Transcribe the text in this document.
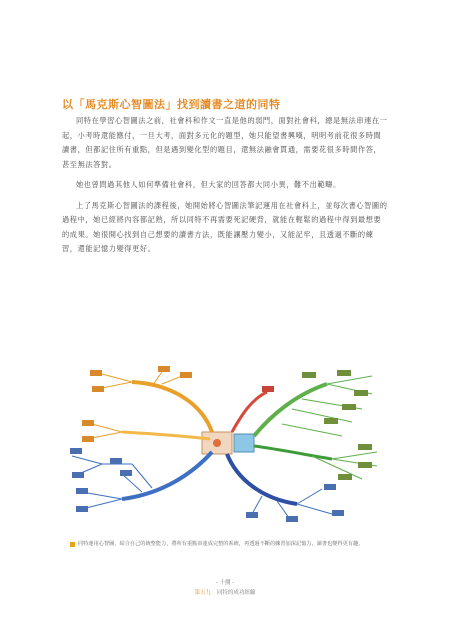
以「馬克斯心智圖法」找到讀書之道的同特

同特在學習心智圖法之前，社會科和作文一直是他的弱門，面對社會科，總是無法串連在一起，小考時還能應付，一旦大考，面對多元化的題型，她只能望書興嘆，明明考前花很多時間讀書，但都記住所有重點，但是遇到變化型的題目，還無法融會貫通，需要花很多時間作答，甚至無法答對。

她也曾問過其他人如何準備社會科，但大家的回答都大同小異，難不出範疇。

上了馬克斯心智圖法的課程後，她開始將心智圖法筆記運用在社會科上，並每次書心智圖的過程中，她已經將內容都記熟，所以同特不再需要死記硬背，就能在輕鬆的過程中得到最想要的成果。她很開心找到自己想要的讀書方法，既能讓壓力變小，又能記牢，且透過不斷的練習，還能記憶力變得更好。

同特運用心智圖，結合自己的統整能力，將所有重點串連成完整的系統，再透過不斷的練習加深記憶力，讀書也變得更有趣。
- 十捌 -
第五九 同特的成功經驗
